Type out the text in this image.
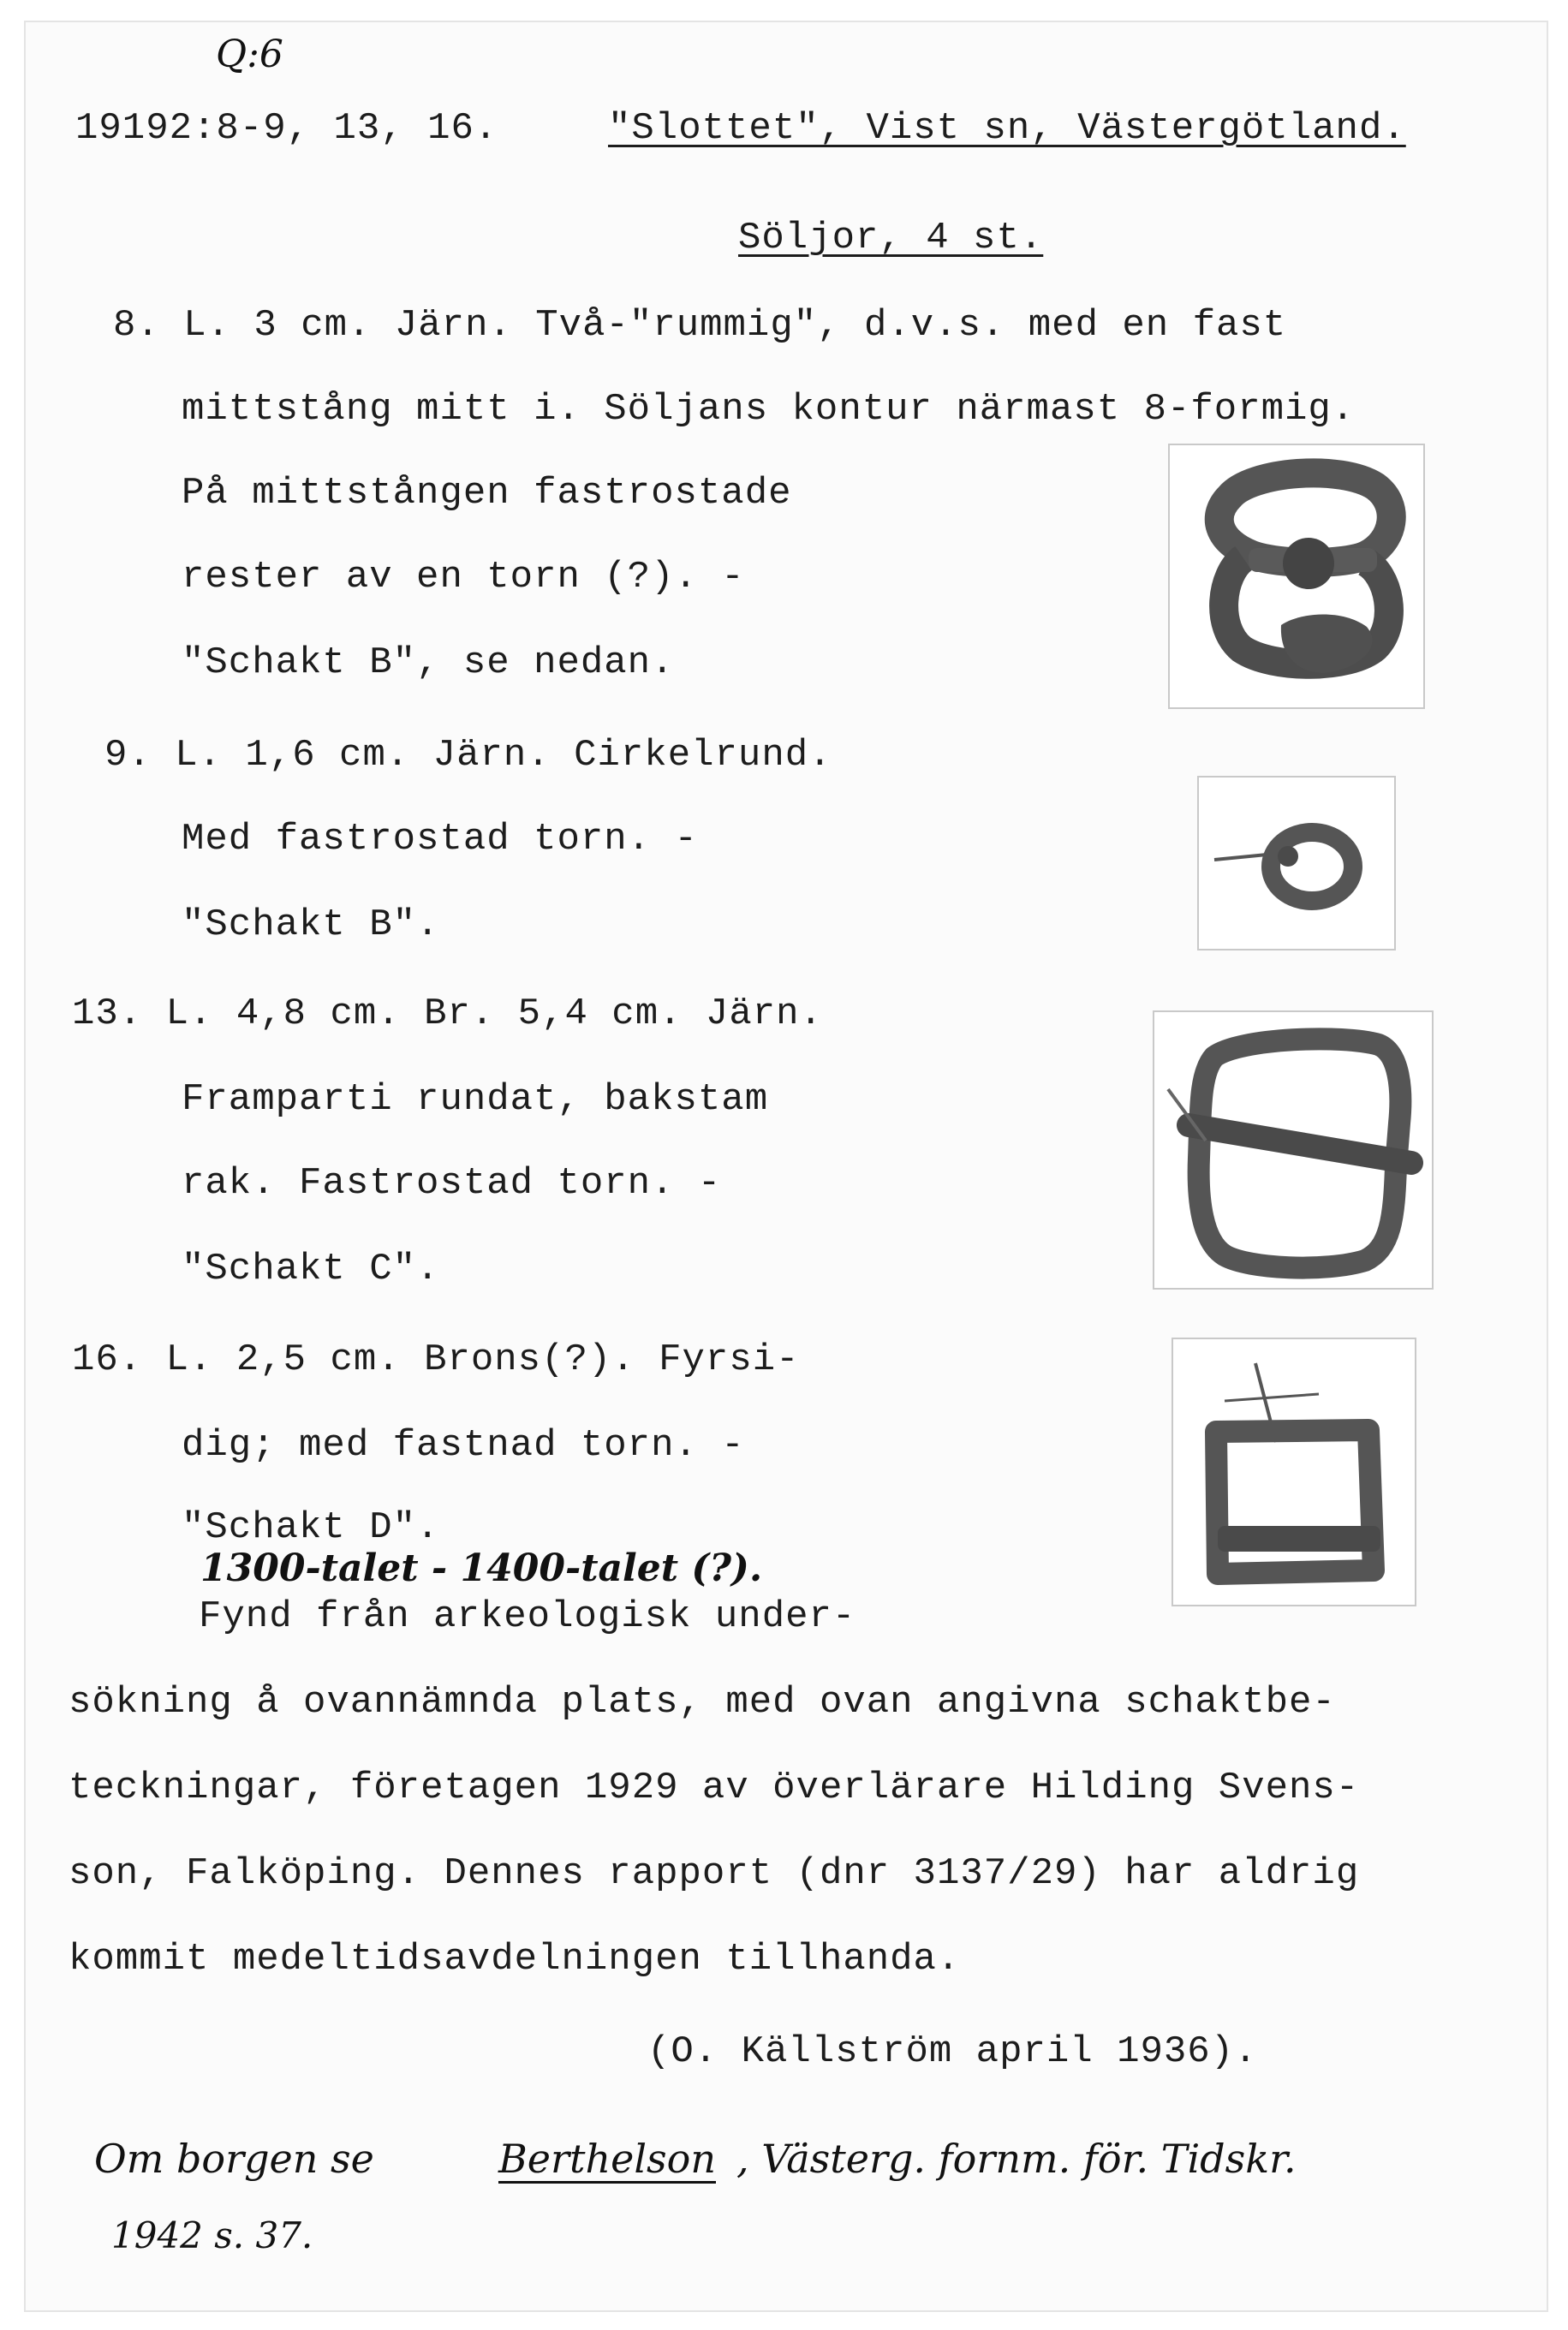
Q:6
19192:8-9, 13, 16.	"Slottet", Vist sn, Västergötland.
Söljor, 4 st.
8. L. 3 cm. Järn. Två-"rummig", d.v.s. med en fast
mittstång mitt i. Söljans kontur närmast 8-formig.
På mittstången fastrostade
rester av en torn (?). -
"Schakt B", se nedan.
9. L. 1,6 cm. Järn. Cirkelrund.
Med fastrostad torn. -
"Schakt B".
13. L. 4,8 cm. Br. 5,4 cm. Järn.
Framparti rundat, bakstam
rak. Fastrostad torn. -
"Schakt C".
16. L. 2,5 cm. Brons(?). Fyrsi-
dig; med fastnad torn. -
"Schakt D".
1300-talet - 1400-talet (?).
Fynd från arkeologisk under-
sökning å ovannämnda plats, med ovan angivna schaktbe-
teckningar, företagen 1929 av överlärare Hilding Svens-
son, Falköping. Dennes rapport (dnr 3137/29) har aldrig
kommit medeltidsavdelningen tillhanda.
(O. Källström april 1936).
Om borgen se	Berthelson , Västerg. fornm. för. Tidskr.
1942 s. 37.
